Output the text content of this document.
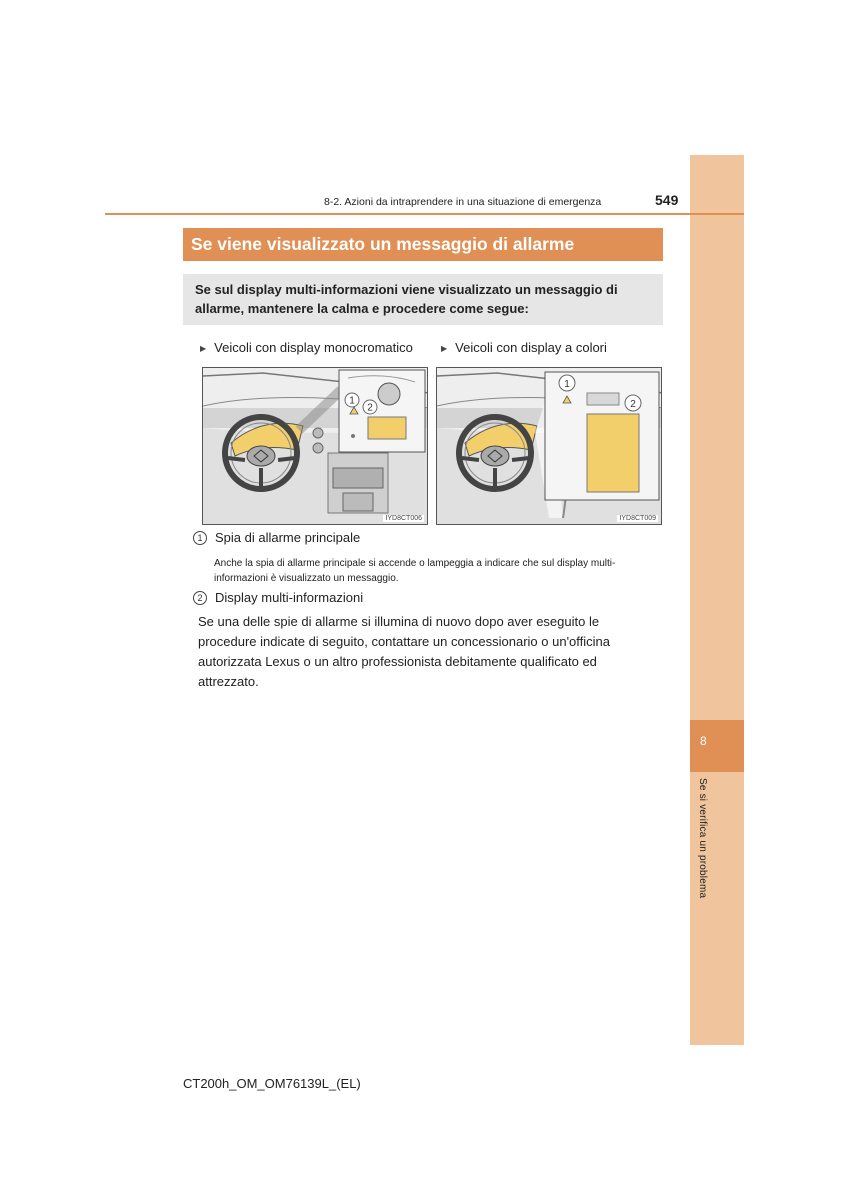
8
Se si verifica un problema
8-2. Azioni da intraprendere in una situazione di emergenza	549
Se viene visualizzato un messaggio di allarme
Se sul display multi-informazioni viene visualizzato un messaggio di allarme, mantenere la calma e procedere come segue:
▶ Veicoli con display monocromatico	▶ Veicoli con display a colori
1
2
IYD8CT006
1
2
IYD8CT009
1 Spia di allarme principale
Anche la spia di allarme principale si accende o lampeggia a indicare che sul display multi-informazioni è visualizzato un messaggio.
2 Display multi-informazioni
Se una delle spie di allarme si illumina di nuovo dopo aver eseguito le procedure indicate di seguito, contattare un concessionario o un'officina autorizzata Lexus o un altro professionista debitamente qualificato ed attrezzato.
CT200h_OM_OM76139L_(EL)
